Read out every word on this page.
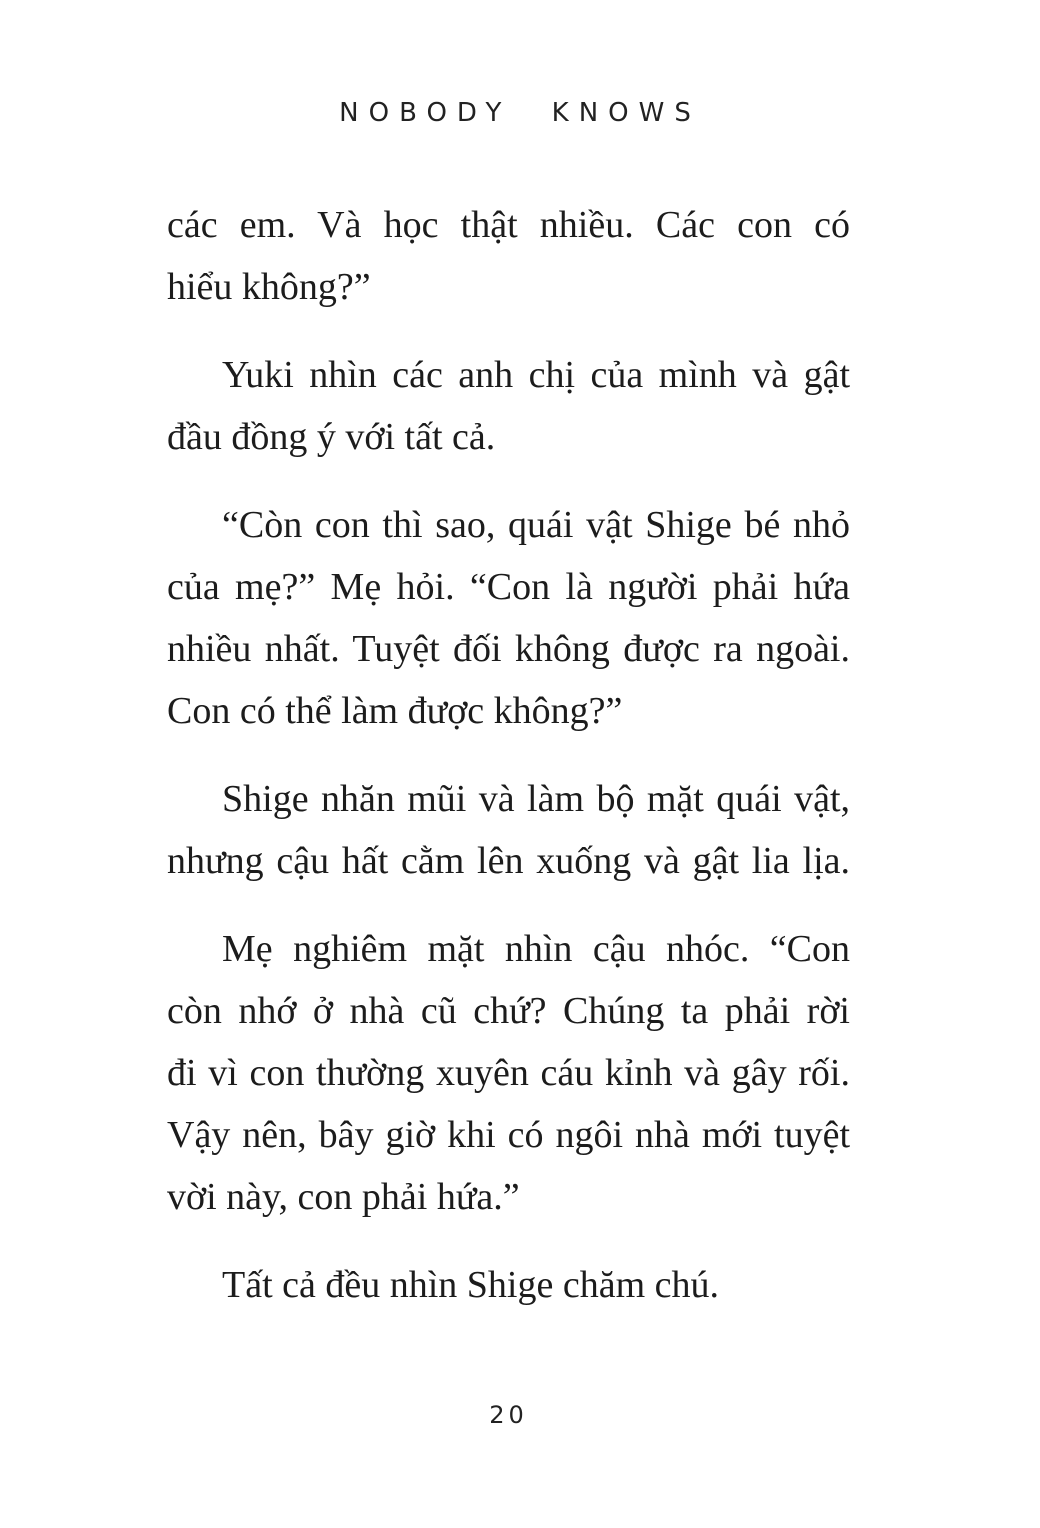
NOBODY KNOWS
các em. Và học thật nhiều. Các con có
hiểu không?”
Yuki nhìn các anh chị của mình và gật
đầu đồng ý với tất cả.
“Còn con thì sao, quái vật Shige bé nhỏ
của mẹ?” Mẹ hỏi. “Con là người phải hứa
nhiều nhất. Tuyệt đối không được ra ngoài.
Con có thể làm được không?”
Shige nhăn mũi và làm bộ mặt quái vật,
nhưng cậu hất cằm lên xuống và gật lia lịa.
Mẹ nghiêm mặt nhìn cậu nhóc. “Con
còn nhớ ở nhà cũ chứ? Chúng ta phải rời
đi vì con thường xuyên cáu kỉnh và gây rối.
Vậy nên, bây giờ khi có ngôi nhà mới tuyệt
vời này, con phải hứa.”
Tất cả đều nhìn Shige chăm chú.
20
